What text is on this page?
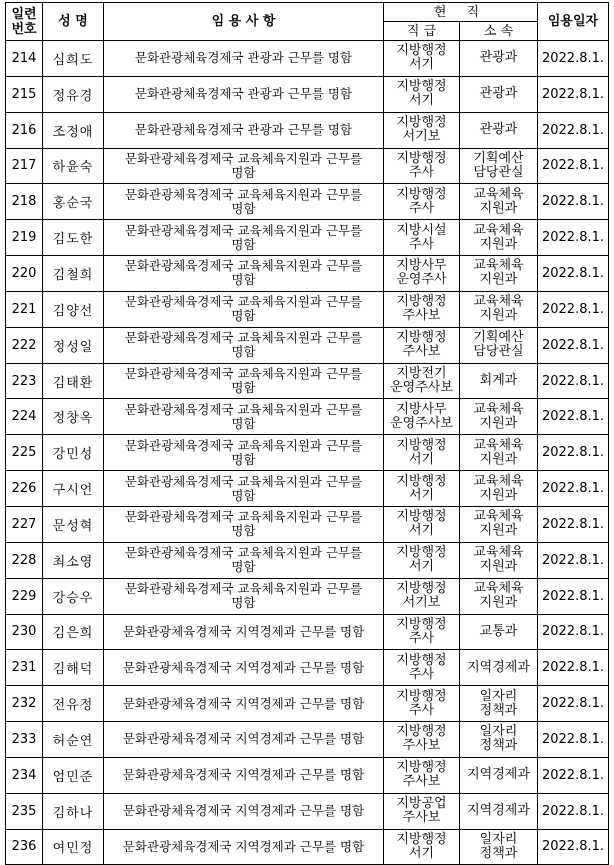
일련
번호	성 명	임 용 사 항	현 직		임용일자
			직 급	소 속	
214	심희도	문화관광체육경제국 관광과 근무를 명함	지방행정
서기	관광과	2022.8.1.
215	정유경	문화관광체육경제국 관광과 근무를 명함	지방행정
서기	관광과	2022.8.1.
216	조정애	문화관광체육경제국 관광과 근무를 명함	지방행정
서기보	관광과	2022.8.1.
217	하윤숙	문화관광체육경제국 교육체육지원과 근무를
명함	지방행정
주사	기획예산
담당관실	2022.8.1.
218	홍순국	문화관광체육경제국 교육체육지원과 근무를
명함	지방행정
주사	교육체육
지원과	2022.8.1.
219	김도한	문화관광체육경제국 교육체육지원과 근무를
명함	지방시설
주사	교육체육
지원과	2022.8.1.
220	김철희	문화관광체육경제국 교육체육지원과 근무를
명함	지방사무
운영주사	교육체육
지원과	2022.8.1.
221	김양선	문화관광체육경제국 교육체육지원과 근무를
명함	지방행정
주사보	교육체육
지원과	2022.8.1.
222	정성일	문화관광체육경제국 교육체육지원과 근무를
명함	지방행정
주사보	기획예산
담당관실	2022.8.1.
223	김태환	문화관광체육경제국 교육체육지원과 근무를
명함	지방전기
운영주사보	회계과	2022.8.1.
224	정창옥	문화관광체육경제국 교육체육지원과 근무를
명함	지방사무
운영주사보	교육체육
지원과	2022.8.1.
225	강민성	문화관광체육경제국 교육체육지원과 근무를
명함	지방행정
서기	교육체육
지원과	2022.8.1.
226	구시언	문화관광체육경제국 교육체육지원과 근무를
명함	지방행정
서기	교육체육
지원과	2022.8.1.
227	문성혁	문화관광체육경제국 교육체육지원과 근무를
명함	지방행정
서기	교육체육
지원과	2022.8.1.
228	최소영	문화관광체육경제국 교육체육지원과 근무를
명함	지방행정
서기	교육체육
지원과	2022.8.1.
229	강승우	문화관광체육경제국 교육체육지원과 근무를
명함	지방행정
서기보	교육체육
지원과	2022.8.1.
230	김은희	문화관광체육경제국 지역경제과 근무를 명함	지방행정
주사	교통과	2022.8.1.
231	김해덕	문화관광체육경제국 지역경제과 근무를 명함	지방행정
주사	지역경제과	2022.8.1.
232	전유정	문화관광체육경제국 지역경제과 근무를 명함	지방행정
주사	일자리
정책과	2022.8.1.
233	허순연	문화관광체육경제국 지역경제과 근무를 명함	지방행정
주사보	일자리
정책과	2022.8.1.
234	엄민준	문화관광체육경제국 지역경제과 근무를 명함	지방행정
주사보	지역경제과	2022.8.1.
235	김하나	문화관광체육경제국 지역경제과 근무를 명함	지방공업
주사보	지역경제과	2022.8.1.
236	여민정	문화관광체육경제국 지역경제과 근무를 명함	지방행정
서기	일자리
정책과	2022.8.1.
